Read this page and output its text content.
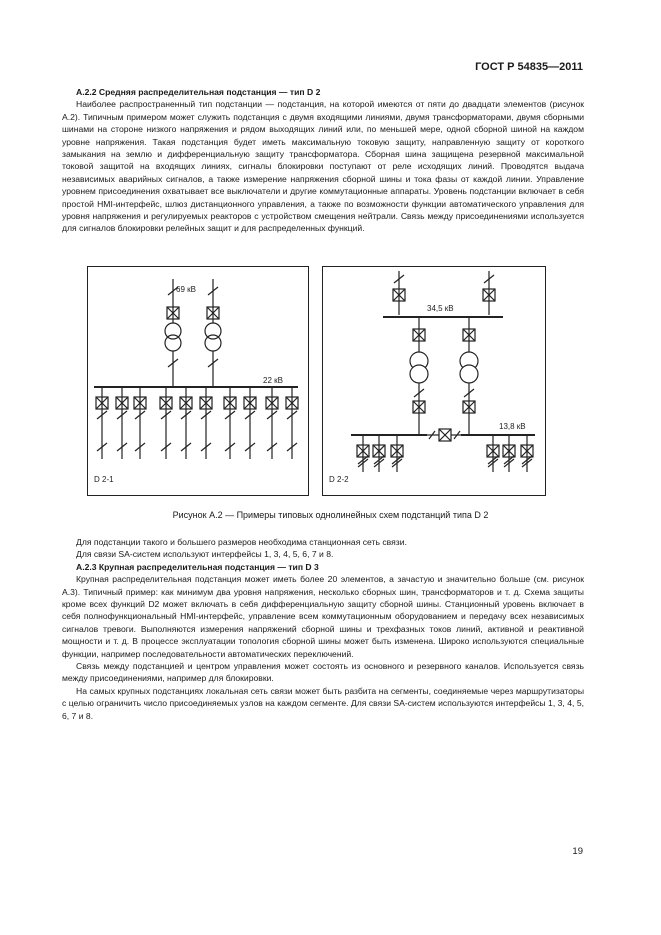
ГОСТ Р 54835—2011
A.2.2 Средняя распределительная подстанция — тип D 2

Наиболее распространенный тип подстанции — подстанция, на которой имеются от пяти до двадцати элементов (рисунок А.2). Типичным примером может служить подстанция с двумя входящими линиями, двумя трансформаторами, двумя сборными шинами на стороне низкого напряжения и рядом выходящих линий или, по меньшей мере, одной сборной шиной на каждом уровне напряжения. Такая подстанция будет иметь максимальную токовую защиту, направленную защиту от короткого замыкания на землю и дифференциальную защиту трансформатора. Сборная шина защищена резервной максимальной токовой защитой на входящих линиях, сигналы блокировки поступают от реле исходящих линий. Проводятся выдача независимых аварийных сигналов, а также измерение напряжения сборной шины и тока фазы от каждой линии. Управление уровнем присоединения охватывает все выключатели и другие коммутационные аппараты. Уровень подстанции включает в себя простой HMI-интерфейс, шлюз дистанционного управления, а также по возможности функции автоматического управления для уровня напряжения и регулируемых реакторов с устройством смещения нейтрали. Связь между присоединениями используется для сигналов блокировки релейных защит и для распределенных функций.

69 кВ
22 кВ
D 2-1
34,5 кВ
13,8 кВ
D 2-2
Рисунок А.2 — Примеры типовых однолинейных схем подстанций типа D 2

Для подстанции такого и большего размеров необходима станционная сеть связи.

Для связи SA-систем используют интерфейсы 1, 3, 4, 5, 6, 7 и 8.

A.2.3 Крупная распределительная подстанция — тип D 3

Крупная распределительная подстанция может иметь более 20 элементов, а зачастую и значительно больше (см. рисунок А.3). Типичный пример: как минимум два уровня напряжения, несколько сборных шин, трансформаторов и т. д. Схема защиты кроме всех функций D2 может включать в себя дифференциальную защиту сборной шины. Станционный уровень включает в себя полнофункциональный HMI-интерфейс, управление всем коммутационным оборудованием и передачу всех независимых сигналов тревоги. Выполняются измерения напряжений сборной шины и трехфазных токов линий, активной и реактивной мощности и т. д. В процессе эксплуатации топология сборной шины может быть изменена. Широко используются специальные функции, например последовательности автоматических переключений.

Связь между подстанцией и центром управления может состоять из основного и резервного каналов. Используется связь между присоединениями, например для блокировки.

На самых крупных подстанциях локальная сеть связи может быть разбита на сегменты, соединяемые через маршрутизаторы с целью ограничить число присоединяемых узлов на каждом сегменте. Для связи SA-систем используются интерфейсы 1, 3, 4, 5, 6, 7 и 8.

19
